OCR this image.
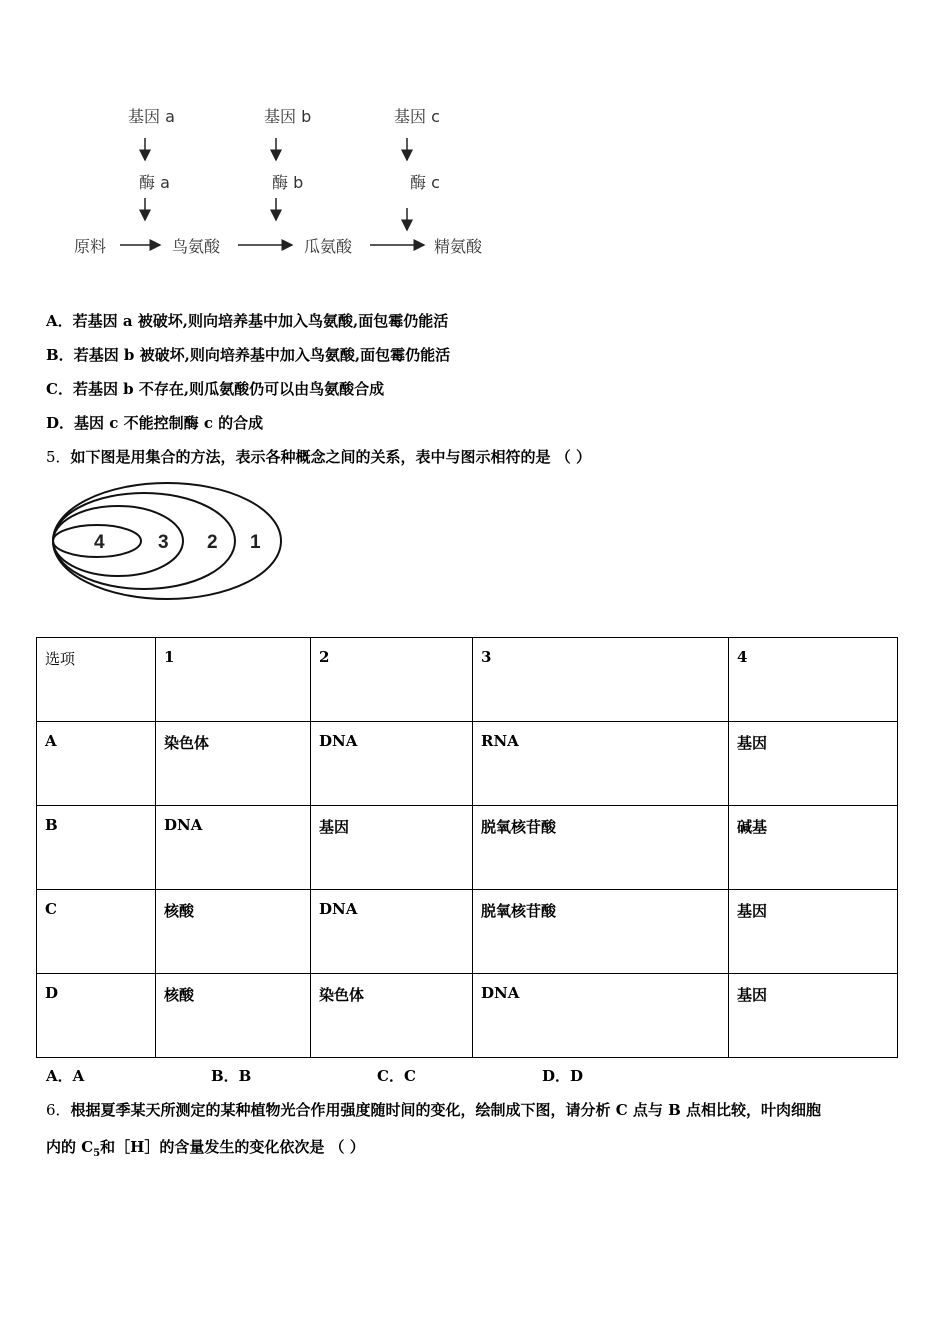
基因 a	基因 b	基因 c
酶 a	酶 b	酶 c
原料	鸟氨酸	瓜氨酸	精氨酸
A．若基因 a 被破坏,则向培养基中加入鸟氨酸,面包霉仍能活
B．若基因 b 被破坏,则向培养基中加入鸟氨酸,面包霉仍能活
C．若基因 b 不存在,则瓜氨酸仍可以由鸟氨酸合成
D．基因 c 不能控制酶 c 的合成
5．如下图是用集合的方法，表示各种概念之间的关系，表中与图示相符的是 （ ）
4	3 2 1
选项	1	2	3	4
A	染色体	DNA	RNA	基因
B	DNA	基因	脱氧核苷酸	碱基
C	核酸	DNA	脱氧核苷酸	基因
D	核酸	染色体	DNA	基因
A．A	B．B	C．C	D．D
6．根据夏季某天所测定的某种植物光合作用强度随时间的变化，绘制成下图，请分析 C 点与 B 点相比较，叶肉细胞
内的 $C_5$和［H］的含量发生的变化依次是 （ ）
